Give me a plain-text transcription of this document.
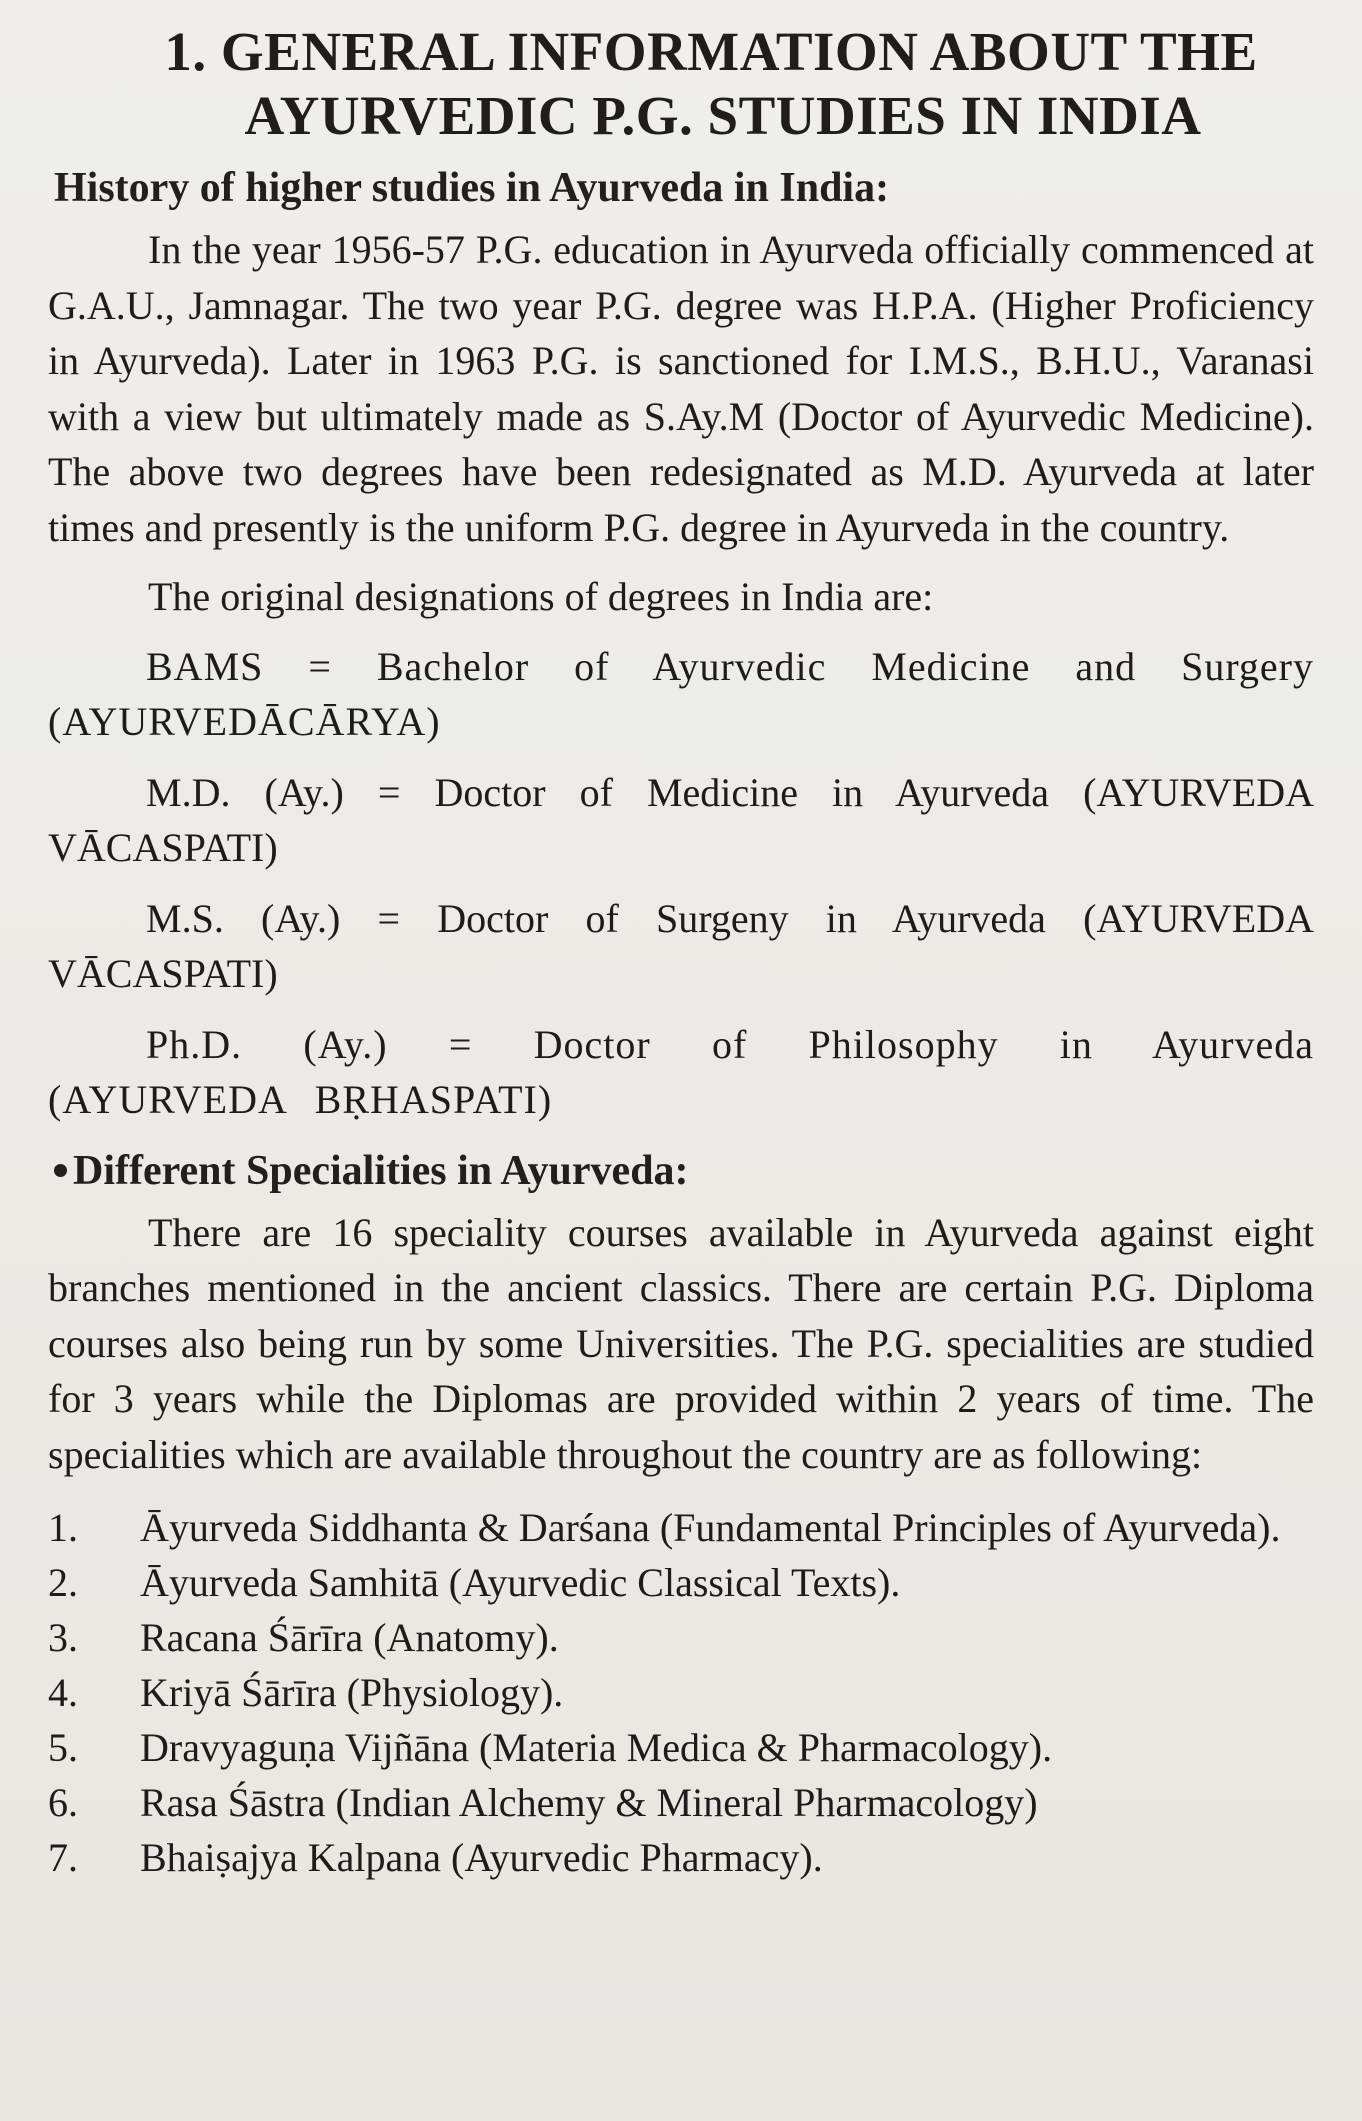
1. GENERAL INFORMATION ABOUT THE
AYURVEDIC P.G. STUDIES IN INDIA
History of higher studies in Ayurveda in India:

In the year 1956-57 P.G. education in Ayurveda officially commenced at G.A.U., Jamnagar. The two year P.G. degree was H.P.A. (Higher Proficiency in Ayurveda). Later in 1963 P.G. is sanctioned for I.M.S., B.H.U., Varanasi with a view but ultimately made as S.Ay.M (Doctor of Ayurvedic Medicine). The above two degrees have been redesignated as M.D. Ayurveda at later times and presently is the uniform P.G. degree in Ayurveda in the country.

The original designations of degrees in India are:

BAMS = Bachelor of Ayurvedic Medicine and Surgery (AYURVEDĀCĀRYA)

M.D. (Ay.) = Doctor of Medicine in Ayurveda (AYURVEDA VĀCASPATI)

M.S. (Ay.) = Doctor of Surgeny in Ayurveda (AYURVEDA VĀCASPATI)

Ph.D. (Ay.) = Doctor of Philosophy in Ayurveda (AYURVEDA BṚHASPATI)

Different Specialities in Ayurveda:

There are 16 speciality courses available in Ayurveda against eight branches mentioned in the ancient classics. There are certain P.G. Diploma courses also being run by some Universities. The P.G. specialities are studied for 3 years while the Diplomas are provided within 2 years of time. The specialities which are available throughout the country are as following:

1.	Āyurveda Siddhanta & Darśana (Fundamental Principles of Ayurveda).
2.	Āyurveda Samhitā (Ayurvedic Classical Texts).
3.	Racana Śārīra (Anatomy).
4.	Kriyā Śārīra (Physiology).
5.	Dravyaguṇa Vijñāna (Materia Medica & Pharmacology).
6.	Rasa Śāstra (Indian Alchemy & Mineral Pharmacology)
7.	Bhaiṣajya Kalpana (Ayurvedic Pharmacy).
